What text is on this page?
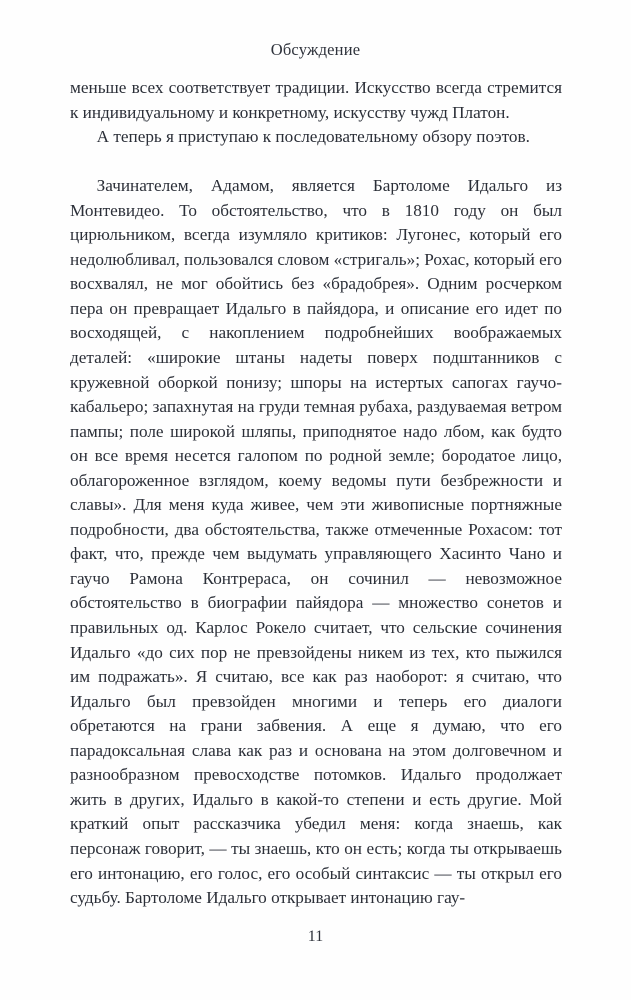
Обсуждение

меньше всех соответствует традиции. Искусство всегда стремится к индивидуальному и конкретному, искусству чужд Платон.

А теперь я приступаю к последовательному обзору поэтов.

Зачинателем, Адамом, является Бартоломе Идальго из Монтевидео. То обстоятельство, что в 1810 году он был цирюльником, всегда изумляло критиков: Лугонес, который его недолюбливал, пользовался словом «стригаль»; Рохас, который его восхвалял, не мог обойтись без «брадобрея». Одним росчерком пера он превращает Идальго в пайядора, и описание его идет по восходящей, с накоплением подробнейших воображаемых деталей: «широкие штаны надеты поверх подштанников с кружевной оборкой понизу; шпоры на истертых сапогах гаучо-кабальеро; запахнутая на груди темная рубаха, раздуваемая ветром пампы; поле широкой шляпы, приподнятое надо лбом, как будто он все время несется галопом по родной земле; бородатое лицо, облагороженное взглядом, коему ведомы пути безбрежности и славы». Для меня куда живее, чем эти живописные портняжные подробности, два обстоятельства, также отмеченные Рохасом: тот факт, что, прежде чем выдумать управляющего Хасинто Чано и гаучо Рамона Контрераса, он сочинил — невозможное обстоятельство в биографии пайядора — множество сонетов и правильных од. Карлос Рокело считает, что сельские сочинения Идальго «до сих пор не превзойдены никем из тех, кто пыжился им подражать». Я считаю, все как раз наоборот: я считаю, что Идальго был превзойден многими и теперь его диалоги обретаются на грани забвения. А еще я думаю, что его парадоксальная слава как раз и основана на этом долговечном и разнообразном превосходстве потомков. Идальго продолжает жить в других, Идальго в какой-то степени и есть другие. Мой краткий опыт рассказчика убедил меня: когда знаешь, как персонаж говорит, — ты знаешь, кто он есть; когда ты открываешь его интонацию, его голос, его особый синтаксис — ты открыл его судьбу. Бартоломе Идальго открывает интонацию гау-

11
